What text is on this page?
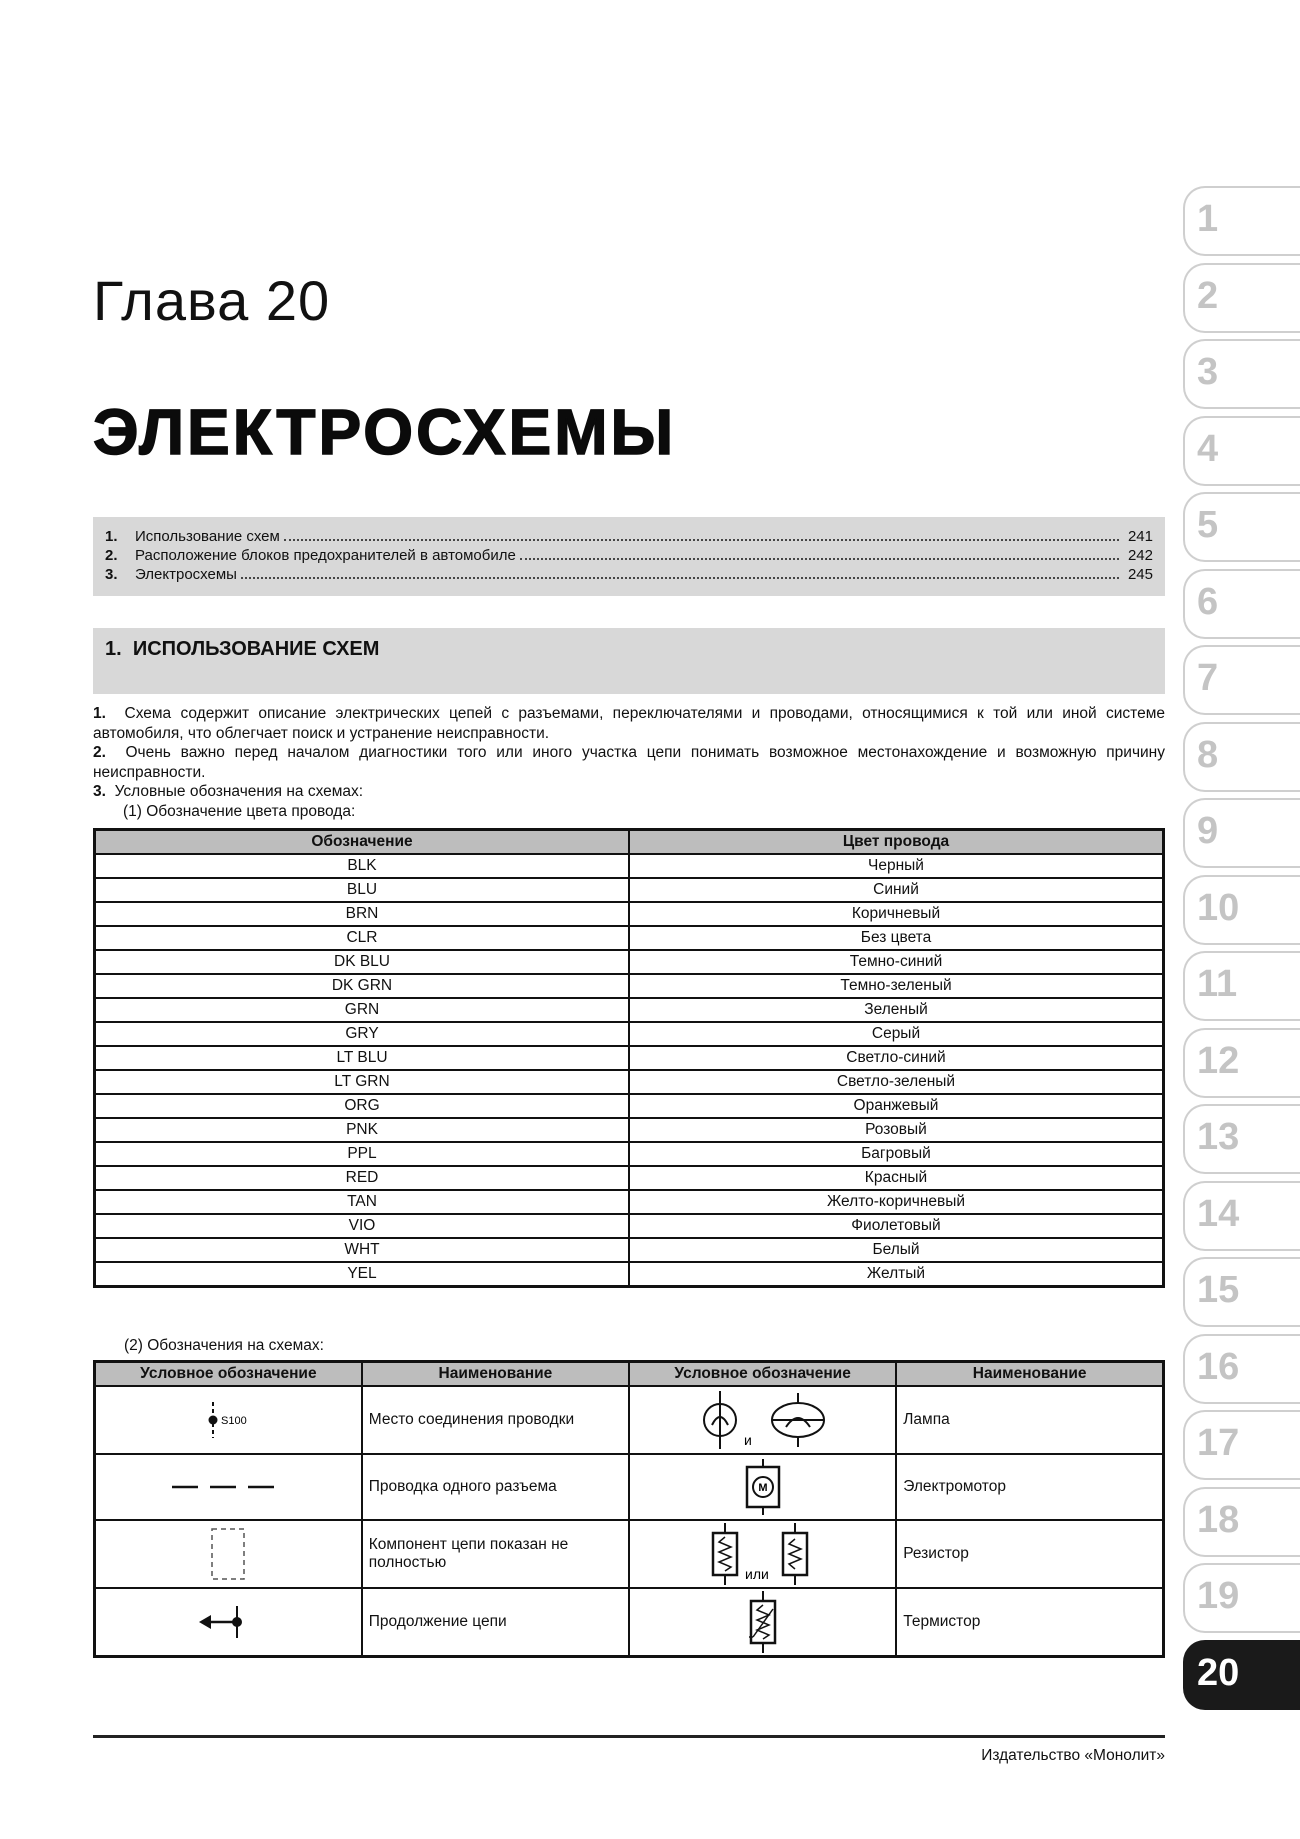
Глава 20
ЭЛЕКТРОСХЕМЫ
1.	Использование схем	241
2.	Расположение блоков предохранителей в автомобиле	242
3.	Электросхемы	245
1. ИСПОЛЬЗОВАНИЕ СХЕМ

1. Схема содержит описание электрических цепей с разъемами, переключателями и проводами, относящимися к той или иной системе автомобиля, что облегчает поиск и устранение неисправности.

2. Очень важно перед началом диагностики того или иного участка цепи понимать возможное местонахождение и возможную причину неисправности.

3. Условные обозначения на схемах:

(1) Обозначение цвета провода:

Обозначение	Цвет провода
BLK	Черный
BLU	Синий
BRN	Коричневый
CLR	Без цвета
DK BLU	Темно-синий
DK GRN	Темно-зеленый
GRN	Зеленый
GRY	Серый
LT BLU	Светло-синий
LT GRN	Светло-зеленый
ORG	Оранжевый
PNK	Розовый
PPL	Багровый
RED	Красный
TAN	Желто-коричневый
VIO	Фиолетовый
WHT	Белый
YEL	Желтый
(2) Обозначения на схемах:
Условное обозначение	Наименование	Условное обозначение	Наименование

S100	Место соединения проводки	и	Лампа

	Проводка одного разъема	M	Электромотор

	Компонент цепи показан не полностью	или	Резистор

	Продолжение цепи		Термистор
Издательство «Монолит»
1
2
3
4
5
6
7
8
9
10
11
12
13
14
15
16
17
18
19
20
